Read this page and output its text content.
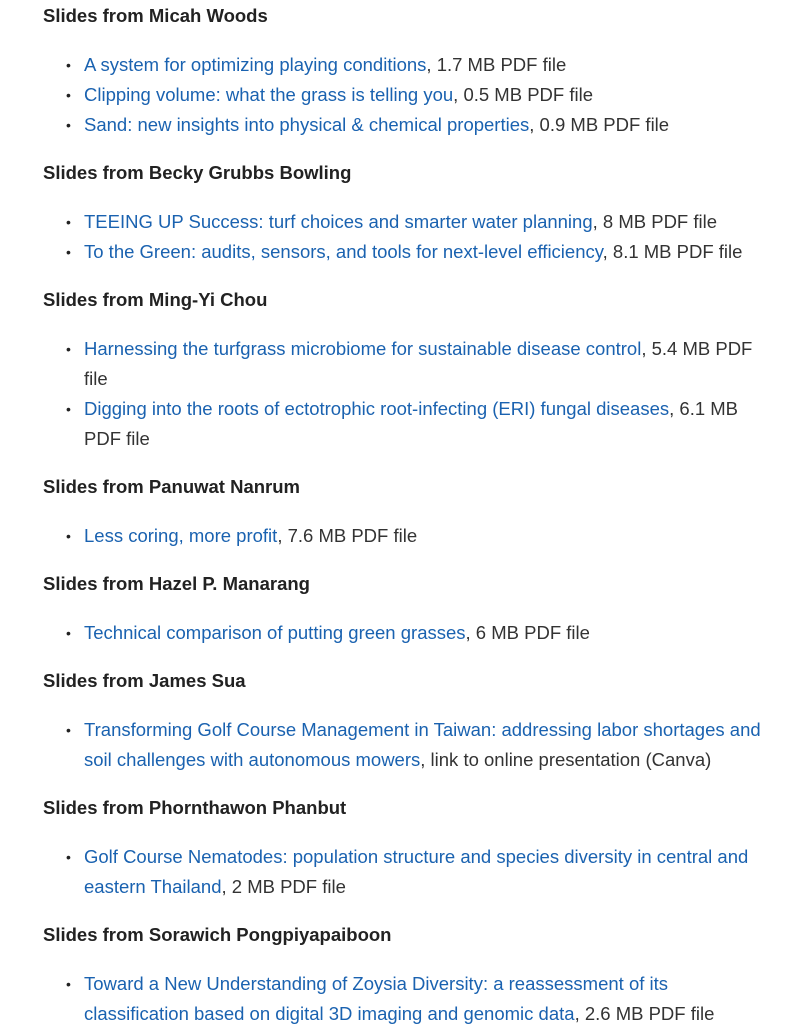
Slides from Micah Woods
• A system for optimizing playing conditions, 1.7 MB PDF file
• Clipping volume: what the grass is telling you, 0.5 MB PDF file
• Sand: new insights into physical & chemical properties, 0.9 MB PDF file
Slides from Becky Grubbs Bowling
• TEEING UP Success: turf choices and smarter water planning, 8 MB PDF file
• To the Green: audits, sensors, and tools for next-level efficiency, 8.1 MB PDF file
Slides from Ming-Yi Chou
• Harnessing the turfgrass microbiome for sustainable disease control, 5.4 MB PDF file
• Digging into the roots of ectotrophic root-infecting (ERI) fungal diseases, 6.1 MB PDF file
Slides from Panuwat Nanrum
• Less coring, more profit, 7.6 MB PDF file
Slides from Hazel P. Manarang
• Technical comparison of putting green grasses, 6 MB PDF file
Slides from James Sua
• Transforming Golf Course Management in Taiwan: addressing labor shortages and soil challenges with autonomous mowers, link to online presentation (Canva)
Slides from Phornthawon Phanbut
• Golf Course Nematodes: population structure and species diversity in central and eastern Thailand, 2 MB PDF file
Slides from Sorawich Pongpiyapaiboon
• Toward a New Understanding of Zoysia Diversity: a reassessment of its classification based on digital 3D imaging and genomic data, 2.6 MB PDF file
